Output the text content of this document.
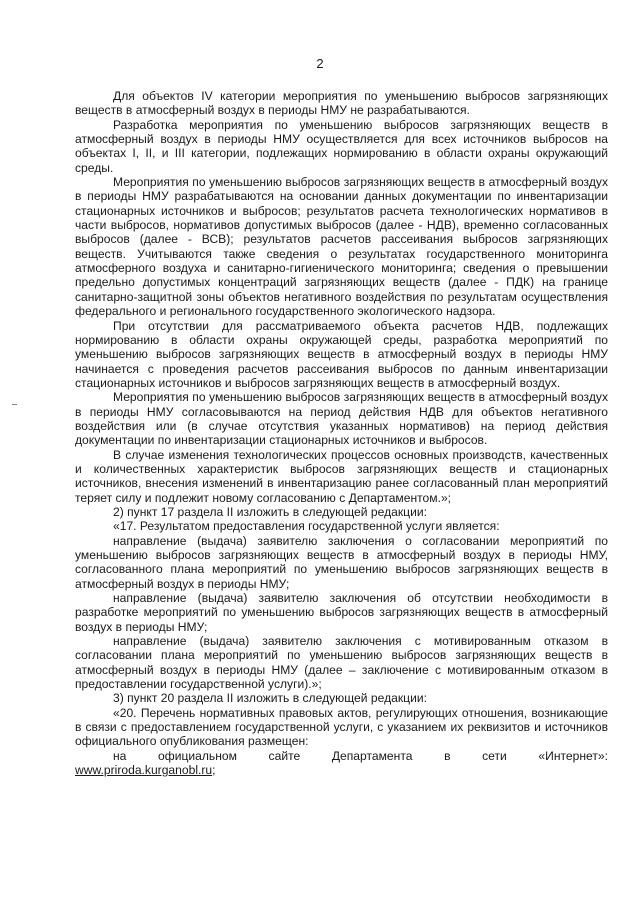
2

Для объектов IV категории мероприятия по уменьшению выбросов загрязняющих веществ в атмосферный воздух в периоды НМУ не разрабатываются.

Разработка мероприятия по уменьшению выбросов загрязняющих веществ в атмосферный воздух в периоды НМУ осуществляется для всех источников выбросов на объектах I, II, и III категории, подлежащих нормированию в области охраны окружающий среды.

Мероприятия по уменьшению выбросов загрязняющих веществ в атмосферный воздух в периоды НМУ разрабатываются на основании данных документации по инвентаризации стационарных источников и выбросов; результатов расчета технологических нормативов в части выбросов, нормативов допустимых выбросов (далее - НДВ), временно согласованных выбросов (далее - ВСВ); результатов расчетов рассеивания выбросов загрязняющих веществ. Учитываются также сведения о результатах государственного мониторинга атмосферного воздуха и санитарно-гигиенического мониторинга; сведения о превышении предельно допустимых концентраций загрязняющих веществ (далее - ПДК) на границе санитарно-защитной зоны объектов негативного воздействия по результатам осуществления федерального и регионального государственного экологического надзора.

При отсутствии для рассматриваемого объекта расчетов НДВ, подлежащих нормированию в области охраны окружающей среды, разработка мероприятий по уменьшению выбросов загрязняющих веществ в атмосферный воздух в периоды НМУ начинается с проведения расчетов рассеивания выбросов по данным инвентаризации стационарных источников и выбросов загрязняющих веществ в атмосферный воздух.

Мероприятия по уменьшению выбросов загрязняющих веществ в атмосферный воздух в периоды НМУ согласовываются на период действия НДВ для объектов негативного воздействия или (в случае отсутствия указанных нормативов) на период действия документации по инвентаризации стационарных источников и выбросов.

В случае изменения технологических процессов основных производств, качественных и количественных характеристик выбросов загрязняющих веществ и стационарных источников, внесения изменений в инвентаризацию ранее согласованный план мероприятий теряет силу и подлежит новому согласованию с Департаментом.»;

2) пункт 17 раздела II изложить в следующей редакции:

«17. Результатом предоставления государственной услуги является:

направление (выдача) заявителю заключения о согласовании мероприятий по уменьшению выбросов загрязняющих веществ в атмосферный воздух в периоды НМУ, согласованного плана мероприятий по уменьшению выбросов загрязняющих веществ в атмосферный воздух в периоды НМУ;

направление (выдача) заявителю заключения об отсутствии необходимости в разработке мероприятий по уменьшению выбросов загрязняющих веществ в атмосферный воздух в периоды НМУ;

направление (выдача) заявителю заключения с мотивированным отказом в согласовании плана мероприятий по уменьшению выбросов загрязняющих веществ в атмосферный воздух в периоды НМУ (далее – заключение с мотивированным отказом в предоставлении государственной услуги).»;

3) пункт 20 раздела II изложить в следующей редакции:

«20. Перечень нормативных правовых актов, регулирующих отношения, возникающие в связи с предоставлением государственной услуги, с указанием их реквизитов и источников официального опубликования размещен:

на официальном сайте Департамента в сети «Интернет»:

www.priroda.kurganobl.ru;
